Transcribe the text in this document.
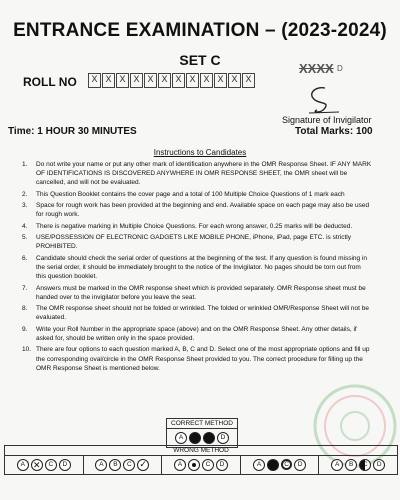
ENTRANCE EXAMINATION – (2023-2024)
SET C
XXXX D
ROLL NO	X X X X X X X X X X X X
Signature of Invigilator
Time: 1 HOUR 30 MINUTES	Total Marks: 100
Instructions to Candidates
1.	Do not write your name or put any other mark of identification anywhere in the OMR Response Sheet. IF ANY MARK OF IDENTIFICATIONS IS DISCOVERED ANYWHERE IN OMR RESPONSE SHEET, the OMR sheet will be cancelled, and will not be evaluated.
2.	This Question Booklet contains the cover page and a total of 100 Multiple Choice Questions of 1 mark each
3.	Space for rough work has been provided at the beginning and end. Available space on each page may also be used for rough work.
4.	There is negative marking in Multiple Choice Questions. For each wrong answer, 0.25 marks will be deducted.
5.	USE/POSSESSION OF ELECTRONIC GADGETS LIKE MOBILE PHONE, iPhone, iPad, page ETC. is strictly PROHIBITED.
6.	Candidate should check the serial order of questions at the beginning of the test. If any question is found missing in the serial order, it should be immediately brought to the notice of the Invigilator. No pages should be torn out from this question booklet.
7.	Answers must be marked in the OMR response sheet which is provided separately. OMR Response sheet must be handed over to the invigilator before you leave the seat.
8.	The OMR response sheet should not be folded or wrinkled. The folded or wrinkled OMR/Response Sheet will not be evaluated.
9.	Write your Roll Number in the appropriate space (above) and on the OMR Response Sheet. Any other details, if asked for, should be written only in the space provided.
10. There are four options to each question marked A, B, C and D. Select one of the most appropriate options and fill up the corresponding oval/circle in the OMR Response Sheet provided to you. The correct procedure for filling up the OMR Response Sheet is mentioned below.
CORRECT METHOD
A	D
WRONG METHOD
A ✕	C	D	A	B	C ✓	A	C	D	A	C	D	A	B	C	D
